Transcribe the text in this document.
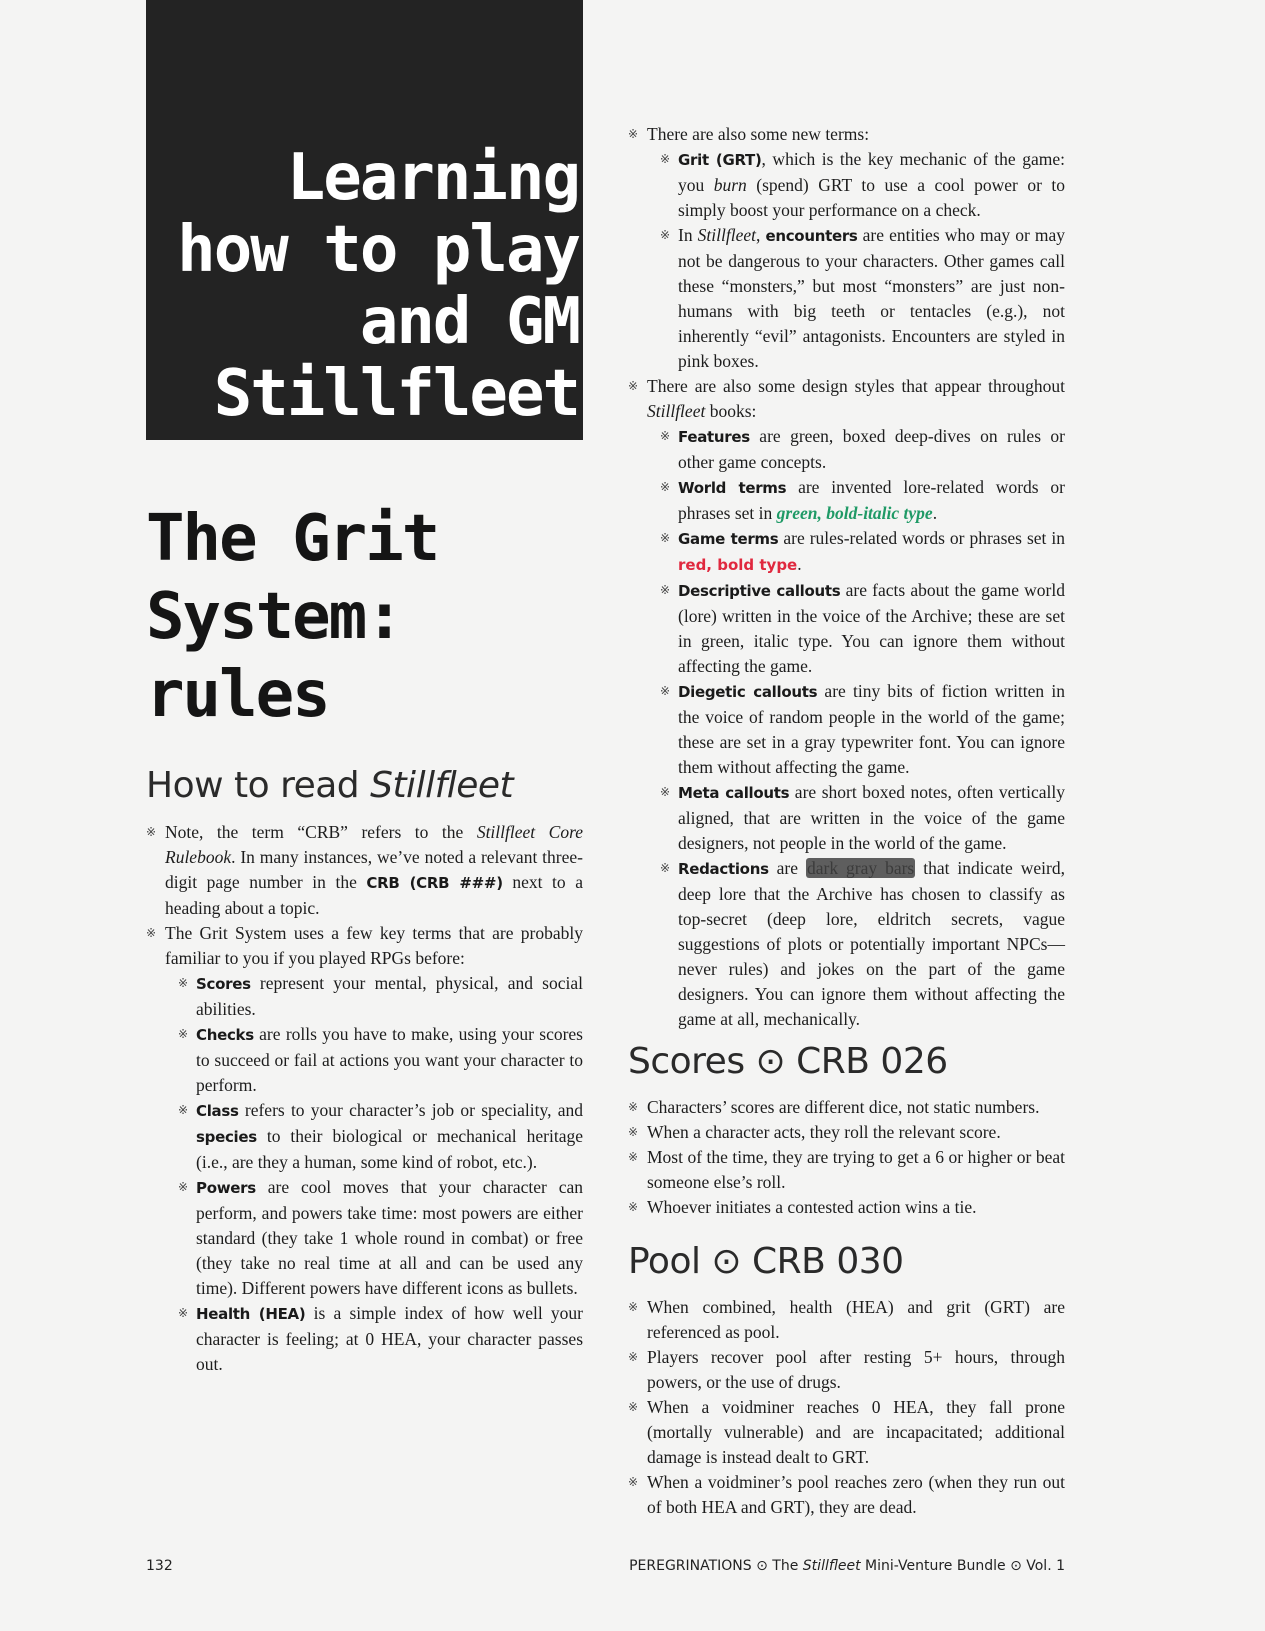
Learning
how to play
and GM
Stillfleet
The Grit
System:
rules
How to read Stillfleet
※ Note, the term “CRB” refers to the Stillfleet Core Rulebook. In many instances, we’ve noted a relevant three-digit page number in the CRB (CRB ###) next to a heading about a topic.
※ The Grit System uses a few key terms that are probably familiar to you if you played RPGs before:
※ Scores represent your mental, physical, and social abilities.
※ Checks are rolls you have to make, using your scores to succeed or fail at actions you want your character to perform.
※ Class refers to your character’s job or speciality, and species to their biological or mechanical heritage (i.e., are they a human, some kind of robot, etc.).
※ Powers are cool moves that your character can perform, and powers take time: most powers are either standard (they take 1 whole round in combat) or free (they take no real time at all and can be used any time). Different powers have different icons as bullets.
※ Health (HEA) is a simple index of how well your character is feeling; at 0 HEA, your character passes out.
※ There are also some new terms:
※ Grit (GRT), which is the key mechanic of the game: you burn (spend) GRT to use a cool power or to simply boost your performance on a check.
※ In Stillfleet, encounters are entities who may or may not be dangerous to your characters. Other games call these “monsters,” but most “monsters” are just non-humans with big teeth or tentacles (e.g.), not inherently “evil” antagonists. Encounters are styled in pink boxes.
※ There are also some design styles that appear throughout Stillfleet books:
※ Features are green, boxed deep-dives on rules or other game concepts.
※ World terms are invented lore-related words or phrases set in green, bold-italic type.
※ Game terms are rules-related words or phrases set in red, bold type.
※ Descriptive callouts are facts about the game world (lore) written in the voice of the Archive; these are set in green, italic type. You can ignore them without affecting the game.
※ Diegetic callouts are tiny bits of fiction written in the voice of random people in the world of the game; these are set in a gray typewriter font. You can ignore them without affecting the game.
※ Meta callouts are short boxed notes, often vertically aligned, that are written in the voice of the game designers, not people in the world of the game.
※ Redactions are dark gray bars that indicate weird, deep lore that the Archive has chosen to classify as top-secret (deep lore, eldritch secrets, vague suggestions of plots or potentially important NPCs—never rules) and jokes on the part of the game designers. You can ignore them without affecting the game at all, mechanically.
Scores ⊙ CRB 026
※ Characters’ scores are different dice, not static numbers.
※ When a character acts, they roll the relevant score.
※ Most of the time, they are trying to get a 6 or higher or beat someone else’s roll.
※ Whoever initiates a contested action wins a tie.
Pool ⊙ CRB 030
※ When combined, health (HEA) and grit (GRT) are referenced as pool.
※ Players recover pool after resting 5+ hours, through powers, or the use of drugs.
※ When a voidminer reaches 0 HEA, they fall prone (mortally vulnerable) and are incapacitated; additional damage is instead dealt to GRT.
※ When a voidminer’s pool reaches zero (when they run out of both HEA and GRT), they are dead.
132	PEREGRINATIONS ⊙ The Stillfleet Mini-Venture Bundle ⊙ Vol. 1
